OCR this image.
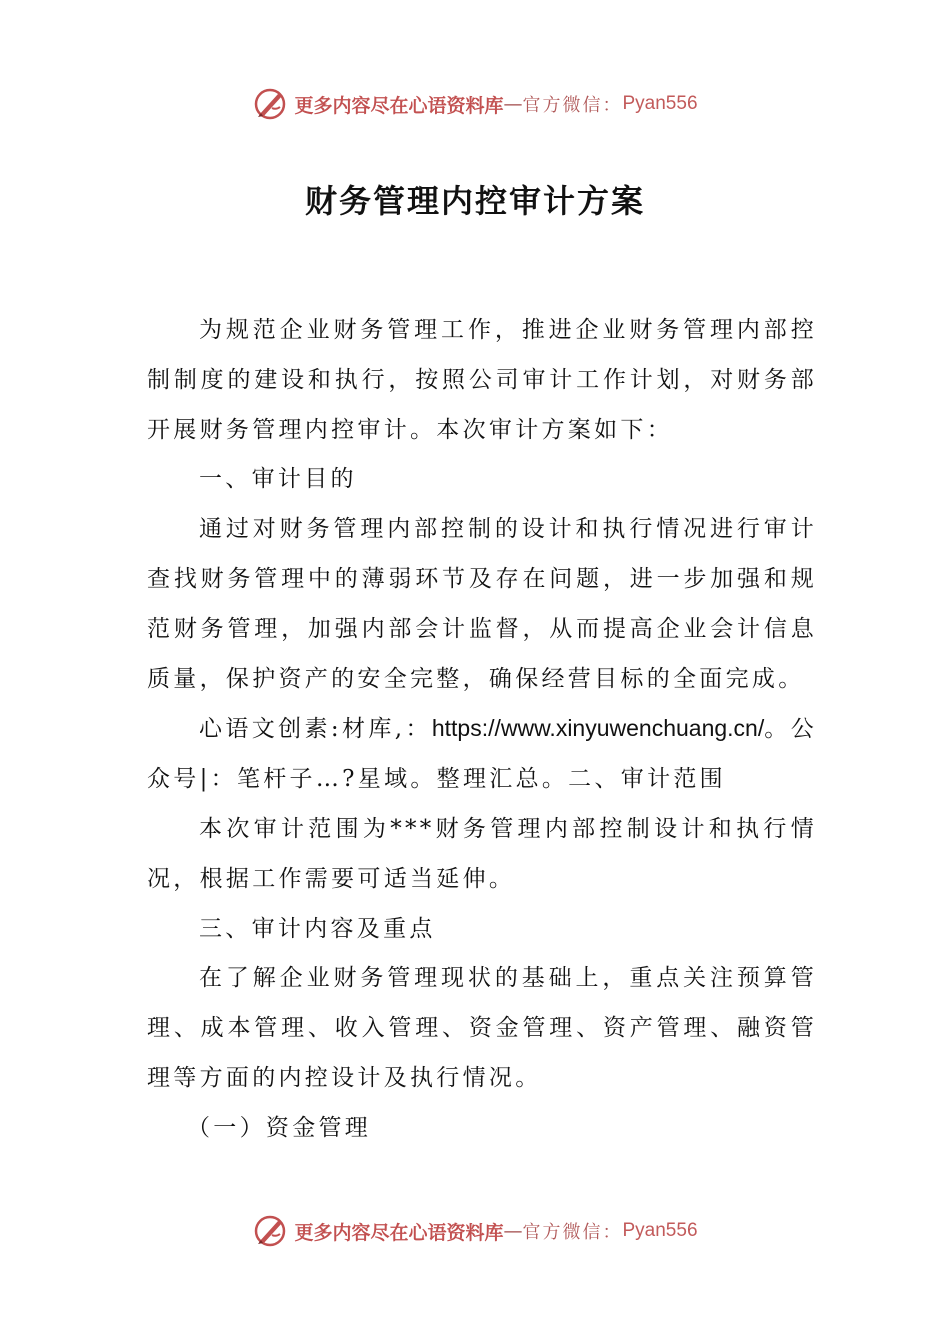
更多内容尽在心语资料库 — 官方微信： Pyan556
财务管理内控审计方案

为规范企业财务管理工作，推进企业财务管理内部控制制度的建设和执行，按照公司审计工作计划，对财务部开展财务管理内控审计。本次审计方案如下：

一、审计目的

通过对财务管理内部控制的设计和执行情况进行审计查找财务管理中的薄弱环节及存在问题，进一步加强和规范财务管理，加强内部会计监督，从而提高企业会计信息质量，保护资产的安全完整，确保经营目标的全面完成。

心语文创素:材库,：https://www.xinyuwenchuang.cn/。公众号|：笔杆子…?星域。整理汇总。二、审计范围

本次审计范围为***财务管理内部控制设计和执行情况，根据工作需要可适当延伸。

三、审计内容及重点

在了解企业财务管理现状的基础上，重点关注预算管理、成本管理、收入管理、资金管理、资产管理、融资管理等方面的内控设计及执行情况。

（一）资金管理

更多内容尽在心语资料库 — 官方微信： Pyan556
